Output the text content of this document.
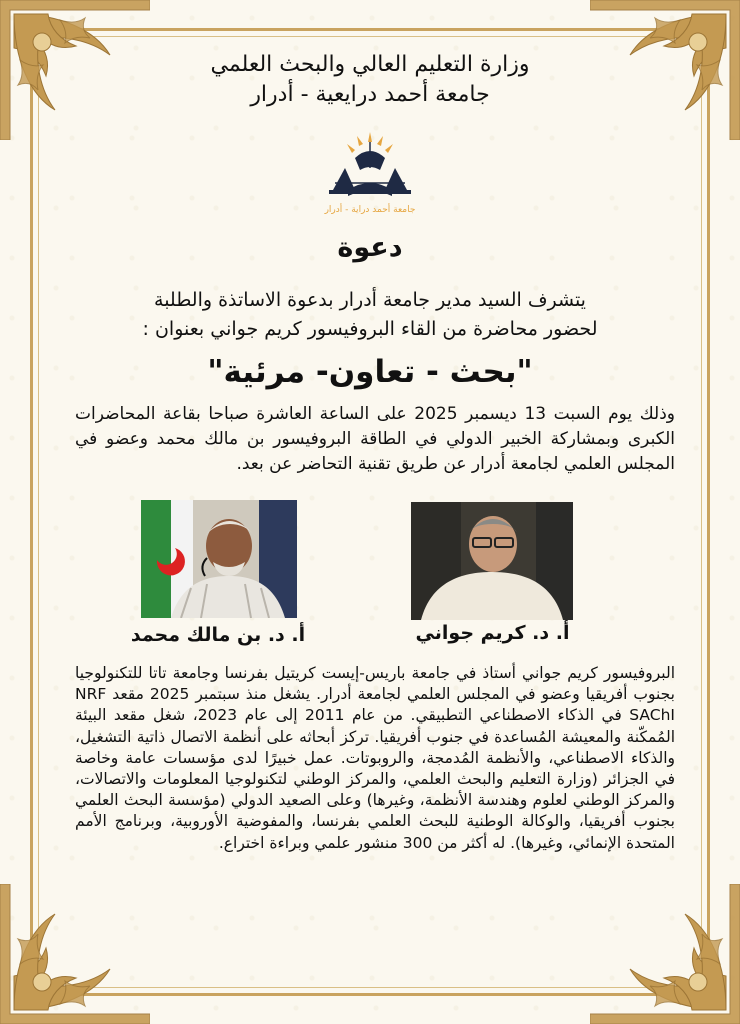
وزارة التعليم العالي والبحث العلمي
جامعة أحمد درايعية - أدرار
جامعة أحمد دراية - أدرار
دعوة
يتشرف السيد مدير جامعة أدرار بدعوة الاساتذة والطلبة
لحضور محاضرة من القاء البروفيسور كريم جواني بعنوان :
"بحث - تعاون- مرئية"
وذلك يوم السبت 13 ديسمبر 2025 على الساعة العاشرة صباحا بقاعة المحاضرات الكبرى وبمشاركة الخبير الدولي في الطاقة البروفيسور بن مالك محمد وعضو في المجلس العلمي لجامعة أدرار عن طريق تقنية التحاضر عن بعد.
أ. د. كريم جواني
أ. د. بن مالك محمد
البروفيسور كريم جواني أستاذ في جامعة باريس-إيست كريتيل بفرنسا وجامعة تاتا للتكنولوجيا بجنوب أفريقيا وعضو في المجلس العلمي لجامعة أدرار. يشغل منذ سبتمبر 2025 مقعد NRF SAChI في الذكاء الاصطناعي التطبيقي. من عام 2011 إلى عام 2023، شغل مقعد البيئة المُمكّنة والمعيشة المُساعدة في جنوب أفريقيا. تركز أبحاثه على أنظمة الاتصال ذاتية التشغيل، والذكاء الاصطناعي، والأنظمة المُدمجة، والروبوتات. عمل خبيرًا لدى مؤسسات عامة وخاصة في الجزائر (وزارة التعليم والبحث العلمي، والمركز الوطني لتكنولوجيا المعلومات والاتصالات، والمركز الوطني لعلوم وهندسة الأنظمة، وغيرها) وعلى الصعيد الدولي (مؤسسة البحث العلمي بجنوب أفريقيا، والوكالة الوطنية للبحث العلمي بفرنسا، والمفوضية الأوروبية، وبرنامج الأمم المتحدة الإنمائي، وغيرها). له أكثر من 300 منشور علمي وبراءة اختراع.
